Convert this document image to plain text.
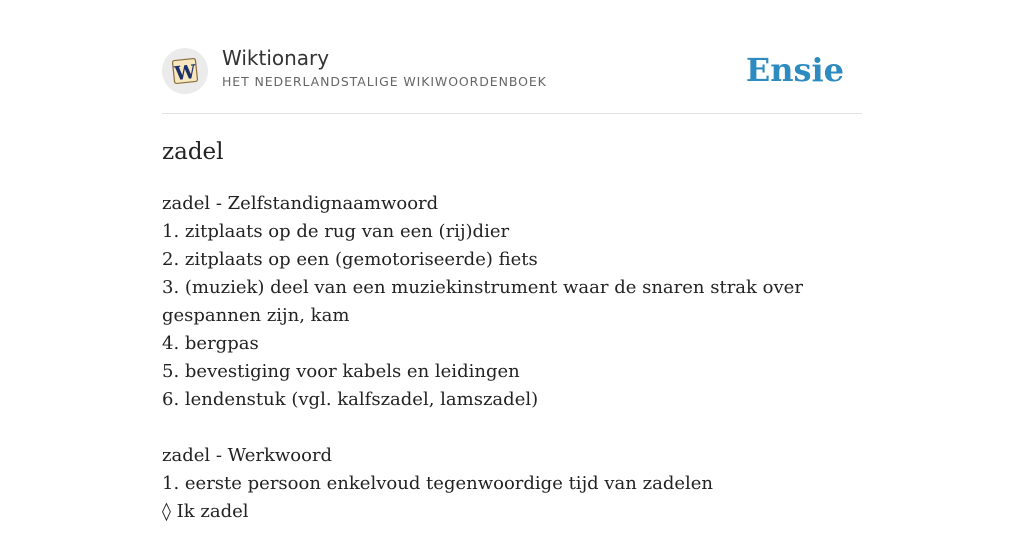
W
Wiktionary
HET NEDERLANDSTALIGE WIKIWOORDENBOEK	Ensie
zadel

zadel - Zelfstandignaamwoord

1. zitplaats op de rug van een (rij)dier

2. zitplaats op een (gemotoriseerde) fiets

3. (muziek) deel van een muziekinstrument waar de snaren strak over gespannen zijn, kam

4. bergpas

5. bevestiging voor kabels en leidingen

6. lendenstuk (vgl. kalfszadel, lamszadel)

zadel - Werkwoord

1. eerste persoon enkelvoud tegenwoordige tijd van zadelen

◊ Ik zadel
